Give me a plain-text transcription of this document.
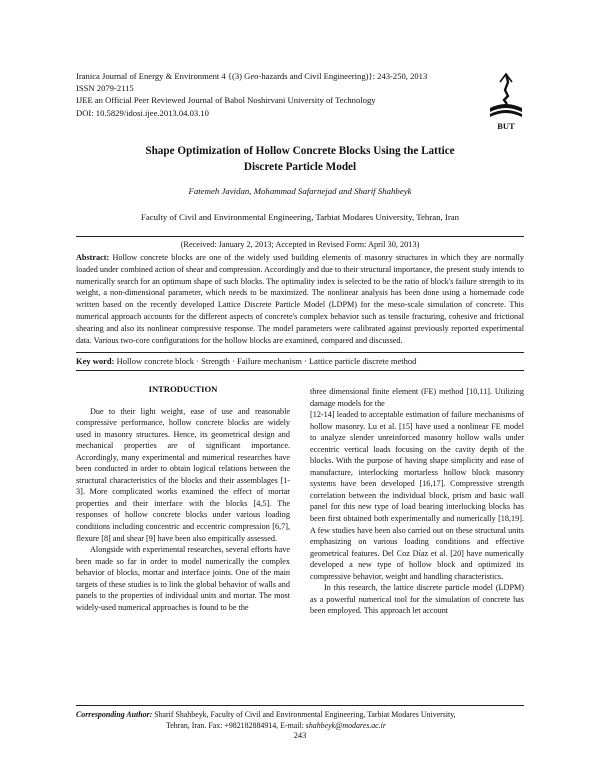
Iranica Journal of Energy & Environment 4 {(3) Geo-hazards and Civil Engineering)}: 243-250, 2013
ISSN 2079-2115
IJEE an Official Peer Reviewed Journal of Babol Noshirvani University of Technology
DOI: 10.5829/idosi.ijee.2013.04.03.10
BUT
Shape Optimization of Hollow Concrete Blocks Using the Lattice
Discrete Particle Model
Fatemeh Javidan, Mohammad Safarnejad and Sharif Shahbeyk
Faculty of Civil and Environmental Engineering, Tarbiat Modares University, Tehran, Iran
(Received: January 2, 2013; Accepted in Revised Form: April 30, 2013)
Abstract: Hollow concrete blocks are one of the widely used building elements of masonry structures in which they are normally loaded under combined action of shear and compression. Accordingly and due to their structural importance, the present study intends to numerically search for an optimum shape of such blocks. The optimality index is selected to be the ratio of block's failure strength to its weight, a non-dimensional parameter, which needs to be maximized. The nonlinear analysis has been done using a homemade code written based on the recently developed Lattice Discrete Particle Model (LDPM) for the meso-scale simulation of concrete. This numerical approach accounts for the different aspects of concrete's complex behavior such as tensile fracturing, cohesive and frictional shearing and also its nonlinear compressive response. The model parameters were calibrated against previously reported experimental data. Various two-core configurations for the hollow blocks are examined, compared and discussed.
Key word: Hollow concrete block · Strength · Failure mechanism · Lattice particle discrete method
INTRODUCTION

Due to their light weight, ease of use and reasonable compressive performance, hollow concrete blocks are widely used in masonry structures. Hence, its geometrical design and mechanical properties are of significant importance. Accordingly, many experimental and numerical researches have been conducted in order to obtain logical relations between the structural characteristics of the blocks and their assemblages [1-3]. More complicated works examined the effect of mortar properties and their interface with the blocks [4,5]. The responses of hollow concrete blocks under various loading conditions including concentric and eccentric compression [6,7], flexure [8] and shear [9] have been also empirically assessed.

Alongside with experimental researches, several efforts have been made so far in order to model numerically the complex behavior of blocks, mortar and interface joints. One of the main targets of these studies is to link the global behavior of walls and panels to the properties of individual units and mortar. The most widely-used numerical approaches is found to be the

three dimensional finite element (FE) method [10,11]. Utilizing damage models for the

[12-14] leaded to acceptable estimation of failure mechanisms of hollow masonry. Lu et al. [15] have used a nonlinear FE model to analyze slender unreinforced masonry hollow walls under eccentric vertical loads focusing on the cavity depth of the blocks. With the purpose of having shape simplicity and ease of manufacture, interlocking mortarless hollow block masonry systems have been developed [16,17]. Compressive strength correlation between the individual block, prism and basic wall panel for this new type of load bearing interlocking blocks has been first obtained both experimentally and numerically [18,19]. A few studies have been also carried out on these structural units emphasizing on various loading conditions and effective geometrical features. Del Coz Díaz et al. [20] have numerically developed a new type of hollow block and optimized its compressive behavior, weight and handling characteristics.

In this research, the lattice discrete particle model (LDPM) as a powerful numerical tool for the simulation of concrete has been employed. This approach let account

Corresponding Author: Sharif Shahbeyk, Faculty of Civil and Environmental Engineering, Tarbiat Modares University,
Tehran, Iran. Fax: +982182884914, E-mail: shahbeyk@modares.ac.ir
243
